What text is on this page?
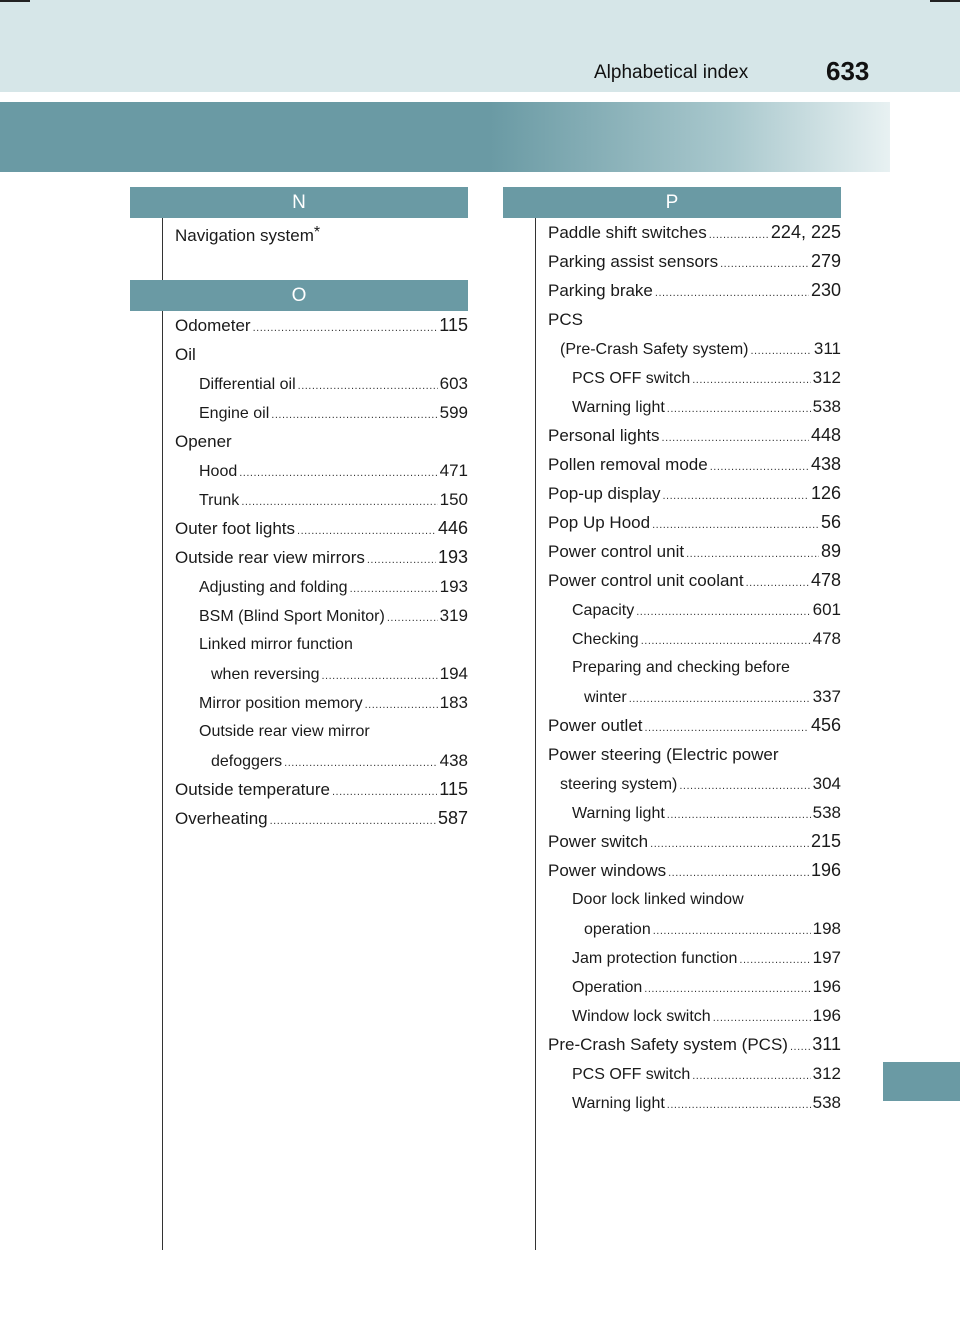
Alphabetical index	633
N
Navigation system*
O
Odometer .....	115
Oil
Differential oil .....	603
Engine oil .....	599
Opener
Hood .....	471
Trunk .....	150
Outer foot lights .....	446
Outside rear view mirrors .....	193
Adjusting and folding .....	193
BSM (Blind Sport Monitor) .....	319
Linked mirror function
when reversing .....	194
Mirror position memory .....	183
Outside rear view mirror
defoggers .....	438
Outside temperature .....	115
Overheating .....	587
P
Paddle shift switches .....	224, 225
Parking assist sensors .....	279
Parking brake .....	230
PCS
(Pre-Crash Safety system) .....	311
PCS OFF switch .....	312
Warning light .....	538
Personal lights .....	448
Pollen removal mode .....	438
Pop-up display .....	126
Pop Up Hood .....	56
Power control unit .....	89
Power control unit coolant .....	478
Capacity .....	601
Checking .....	478
Preparing and checking before
winter .....	337
Power outlet .....	456
Power steering (Electric power
steering system) .....	304
Warning light .....	538
Power switch .....	215
Power windows .....	196
Door lock linked window
operation .....	198
Jam protection function .....	197
Operation .....	196
Window lock switch .....	196
Pre-Crash Safety system (PCS) ..... 311
PCS OFF switch .....	312
Warning light .....	538
